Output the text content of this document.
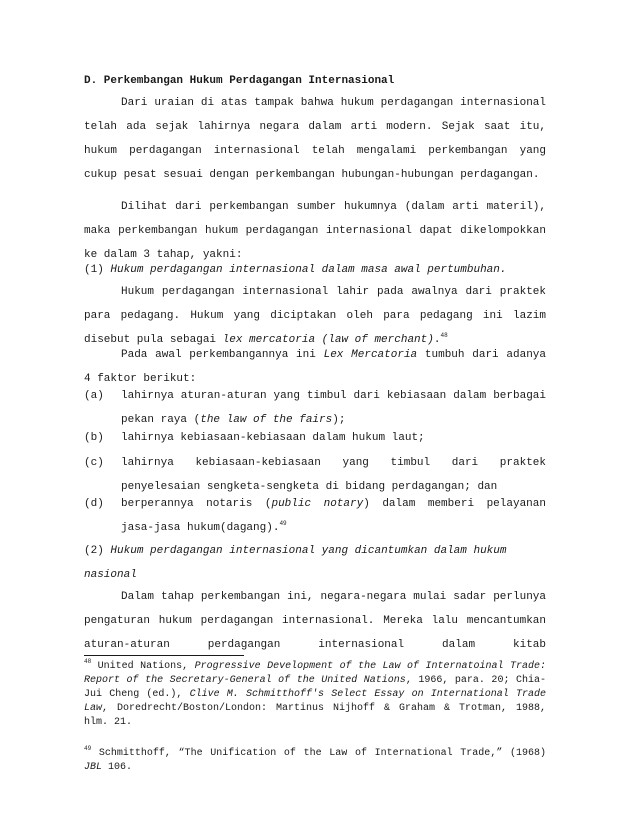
D. Perkembangan Hukum Perdagangan Internasional
Dari uraian di atas tampak bahwa hukum perdagangan internasional telah ada sejak lahirnya negara dalam arti modern. Sejak saat itu, hukum perdagangan internasional telah mengalami perkembangan yang cukup pesat sesuai dengan perkembangan hubungan-hubungan perdagangan.
Dilihat dari perkembangan sumber hukumnya (dalam arti materil), maka perkembangan hukum perdagangan internasional dapat dikelompokkan ke dalam 3 tahap, yakni:
(1) Hukum perdagangan internasional dalam masa awal pertumbuhan.
Hukum perdagangan internasional lahir pada awalnya dari praktek para pedagang. Hukum yang diciptakan oleh para pedagang ini lazim disebut pula sebagai lex mercatoria (law of merchant).$^{48}$
Pada awal perkembangannya ini Lex Mercatoria tumbuh dari adanya 4 faktor berikut:
(a) lahirnya aturan-aturan yang timbul dari kebiasaan dalam berbagai pekan raya (the law of the fairs);
(b) lahirnya kebiasaan-kebiasaan dalam hukum laut;
(c) lahirnya kebiasaan-kebiasaan yang timbul dari praktek penyelesaian sengketa-sengketa di bidang perdagangan; dan
(d) berperannya notaris (public notary) dalam memberi pelayanan jasa-jasa hukum(dagang).$^{49}$
(2) Hukum perdagangan internasional yang dicantumkan dalam hukum nasional
Dalam tahap perkembangan ini, negara-negara mulai sadar perlunya pengaturan hukum perdagangan internasional. Mereka lalu mencantumkan aturan-aturan perdagangan internasional dalam kitab
$^{48}$ United Nations, Progressive Development of the Law of Internatoinal Trade: Report of the Secretary-General of the United Nations, 1966, para. 20; Chia-Jui Cheng (ed.), Clive M. Schmitthoff's Select Essay on International Trade Law, Doredrecht/Boston/London: Martinus Nijhoff & Graham & Trotman, 1988, hlm. 21.
$^{49}$ Schmitthoff, “The Unification of the Law of International Trade,” (1968) JBL 106.
